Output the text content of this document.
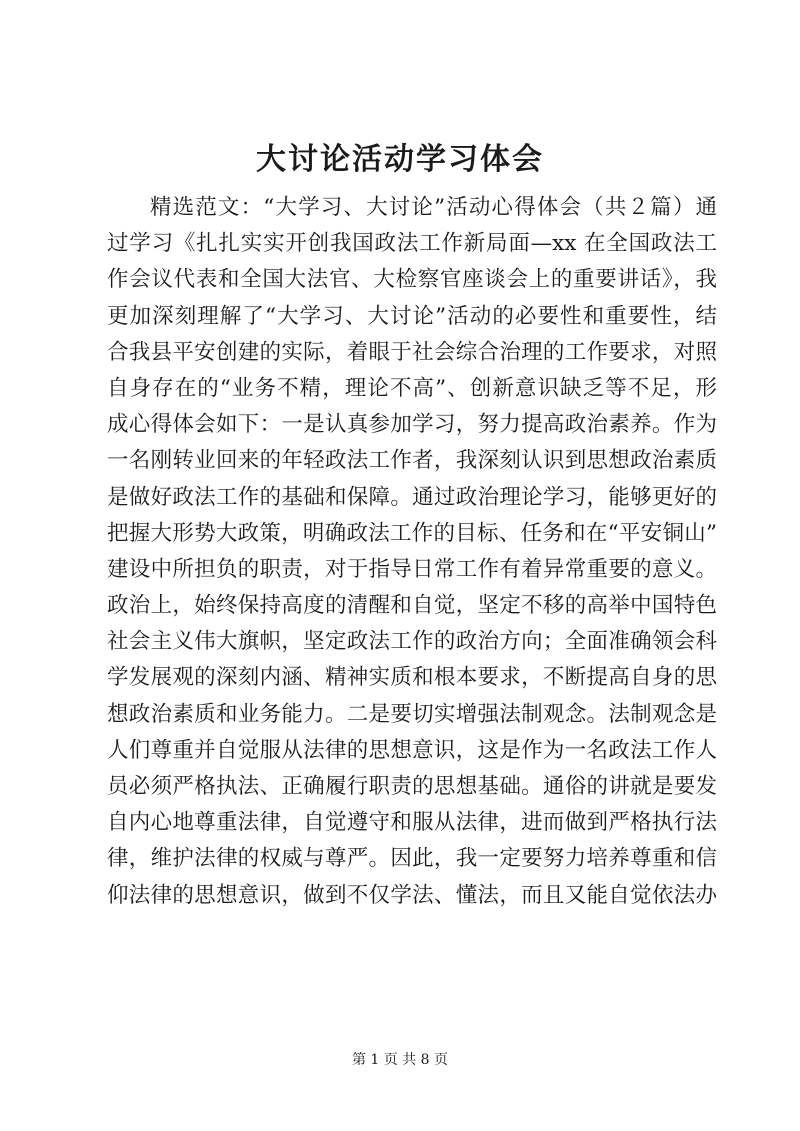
大讨论活动学习体会
精选范文：“大学习、大讨论”活动心得体会（共２篇）通
过学习《扎扎实实开创我国政法工作新局面—xx 在全国政法工
作会议代表和全国大法官、大检察官座谈会上的重要讲话》，我
更加深刻理解了“大学习、大讨论”活动的必要性和重要性，结
合我县平安创建的实际，着眼于社会综合治理的工作要求，对照
自身存在的“业务不精，理论不高”、创新意识缺乏等不足，形
成心得体会如下：一是认真参加学习，努力提高政治素养。作为
一名刚转业回来的年轻政法工作者，我深刻认识到思想政治素质
是做好政法工作的基础和保障。通过政治理论学习，能够更好的
把握大形势大政策，明确政法工作的目标、任务和在“平安铜山”
建设中所担负的职责，对于指导日常工作有着异常重要的意义。
政治上，始终保持高度的清醒和自觉，坚定不移的高举中国特色
社会主义伟大旗帜，坚定政法工作的政治方向；全面准确领会科
学发展观的深刻内涵、精神实质和根本要求，不断提高自身的思
想政治素质和业务能力。二是要切实增强法制观念。法制观念是
人们尊重并自觉服从法律的思想意识，这是作为一名政法工作人
员必须严格执法、正确履行职责的思想基础。通俗的讲就是要发
自内心地尊重法律，自觉遵守和服从法律，进而做到严格执行法
律，维护法律的权威与尊严。因此，我一定要努力培养尊重和信
仰法律的思想意识，做到不仅学法、懂法，而且又能自觉依法办
第 1 页 共 8 页
